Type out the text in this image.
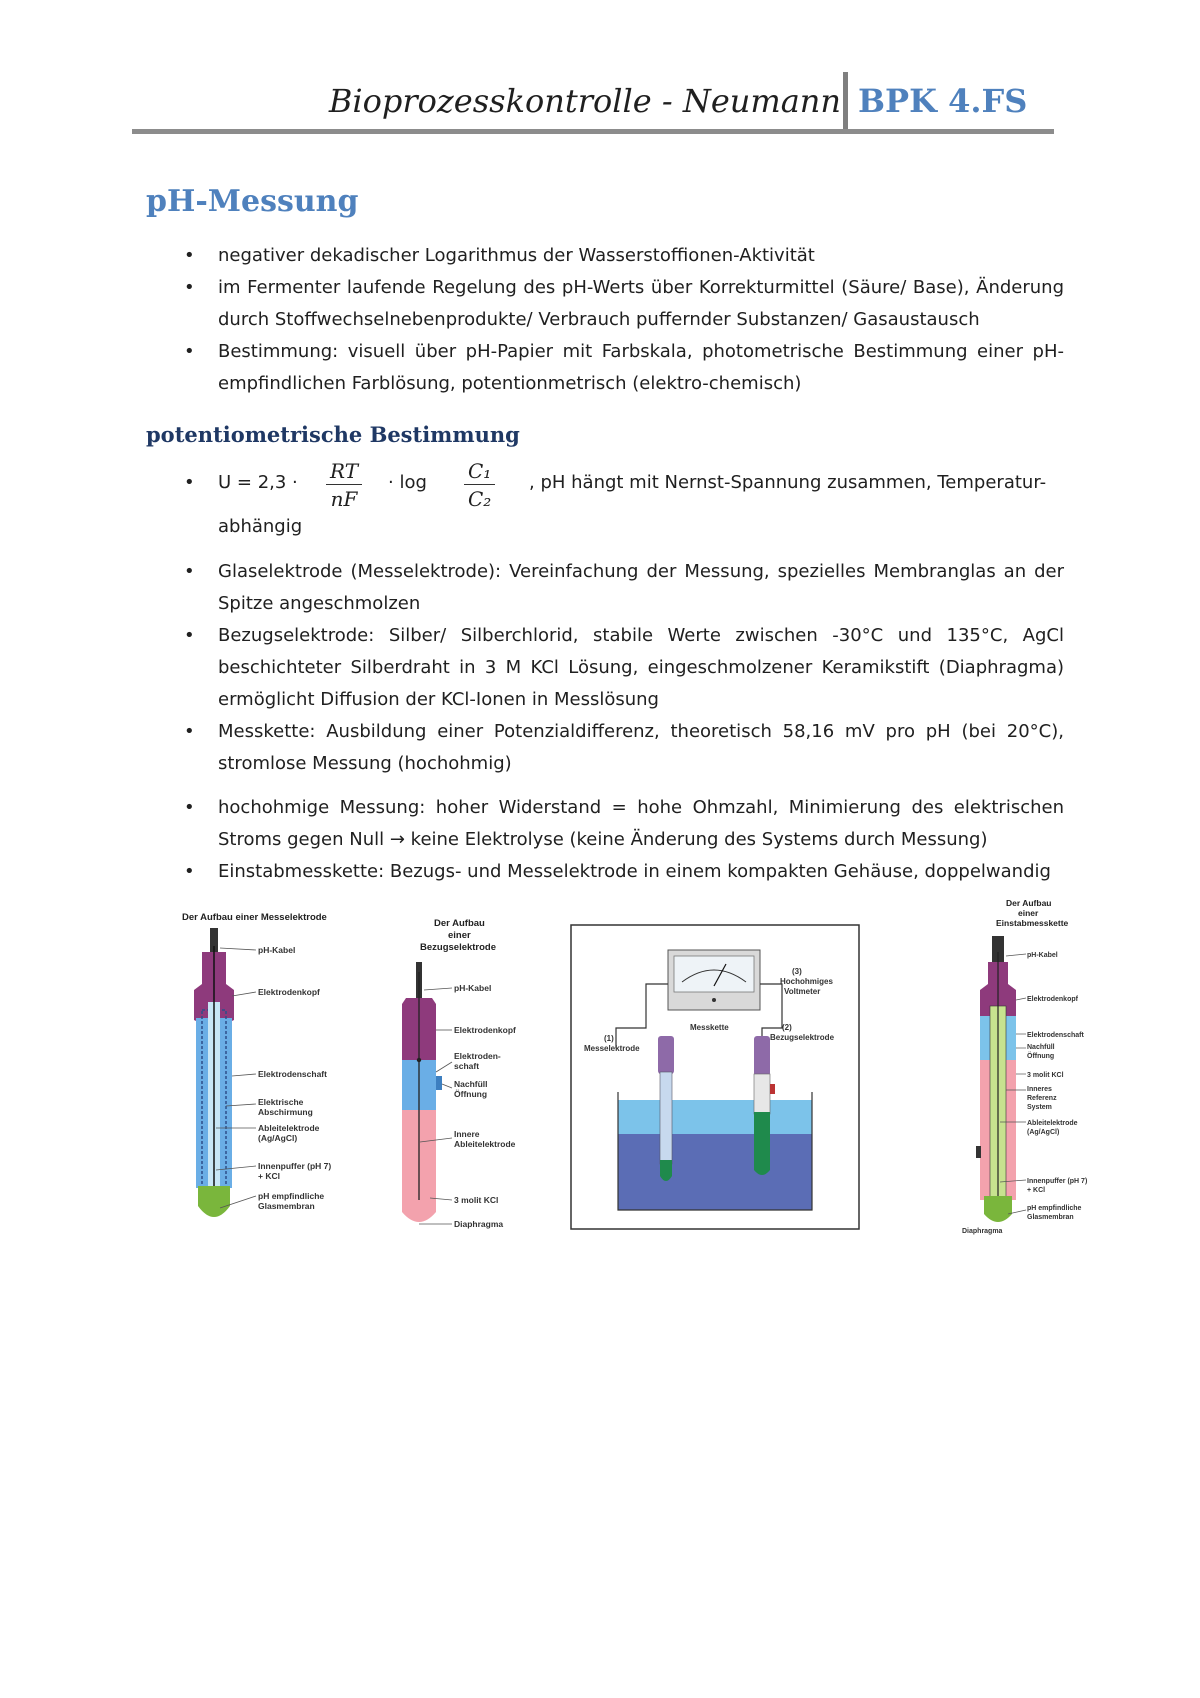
Bioprozesskontrolle - Neumann BPK 4.FS
pH-Messung
• negativer dekadischer Logarithmus der Wasserstoffionen-Aktivität
• im Fermenter laufende Regelung des pH-Werts über Korrekturmittel (Säure/ Base), Änderung durch Stoffwechselnebenprodukte/ Verbrauch puffernder Substanzen/ Gasaustausch
• Bestimmung: visuell über pH-Papier mit Farbskala, photometrische Bestimmung einer pH-empfindlichen Farblösung, potentionmetrisch (elektro-chemisch)
potentiometrische Bestimmung
• $U = 2,3 \cdot \frac{RT}{nF} \cdot \log \frac{\text{C₁}}{\text{C₂}}$ , pH hängt mit Nernst-Spannung zusammen, Temperatur-
abhängig
• Glaselektrode (Messelektrode): Vereinfachung der Messung, spezielles Membranglas an der Spitze angeschmolzen
• Bezugselektrode: Silber/ Silberchlorid, stabile Werte zwischen -30°C und 135°C, AgCl beschichteter Silberdraht in 3 M KCl Lösung, eingeschmolzener Keramikstift (Diaphragma) ermöglicht Diffusion der KCl-Ionen in Messlösung
• Messkette: Ausbildung einer Potenzialdifferenz, theoretisch 58,16 mV pro pH (bei 20°C), stromlose Messung (hochohmig)
• hochohmige Messung: hoher Widerstand = hohe Ohmzahl, Minimierung des elektrischen Stroms gegen Null → keine Elektrolyse (keine Änderung des Systems durch Messung)
• Einstabmesskette: Bezugs- und Messelektrode in einem kompakten Gehäuse, doppelwandig
Der Aufbau einer Messelektrode
pH-Kabel
Elektrodenkopf
Elektrodenschaft
Elektrische
Abschirmung
Ableitelektrode
(Ag/AgCl)
Innenpuffer (pH 7)
+ KCl
pH empfindliche
Glasmembran
Der Aufbau
einer
Bezugselektrode
pH-Kabel
Elektrodenkopf
Elektroden-
schaft
Nachfüll
Öffnung
Innere
Ableitelektrode
3 molit KCl
Diaphragma
(3)
Hochohmiges
Voltmeter
Messkette
(1)
Messelektrode
(2)
Bezugselektrode
Der Aufbau
einer
Einstabmesskette
pH-Kabel
Elektrodenkopf
Elektrodenschaft
Nachfüll
Öffnung
3 molit KCl
Inneres
Referenz
System
Ableitelektrode
(Ag/AgCl)
Innenpuffer (pH 7)
+ KCl
pH empfindliche
Glasmembran
Diaphragma
